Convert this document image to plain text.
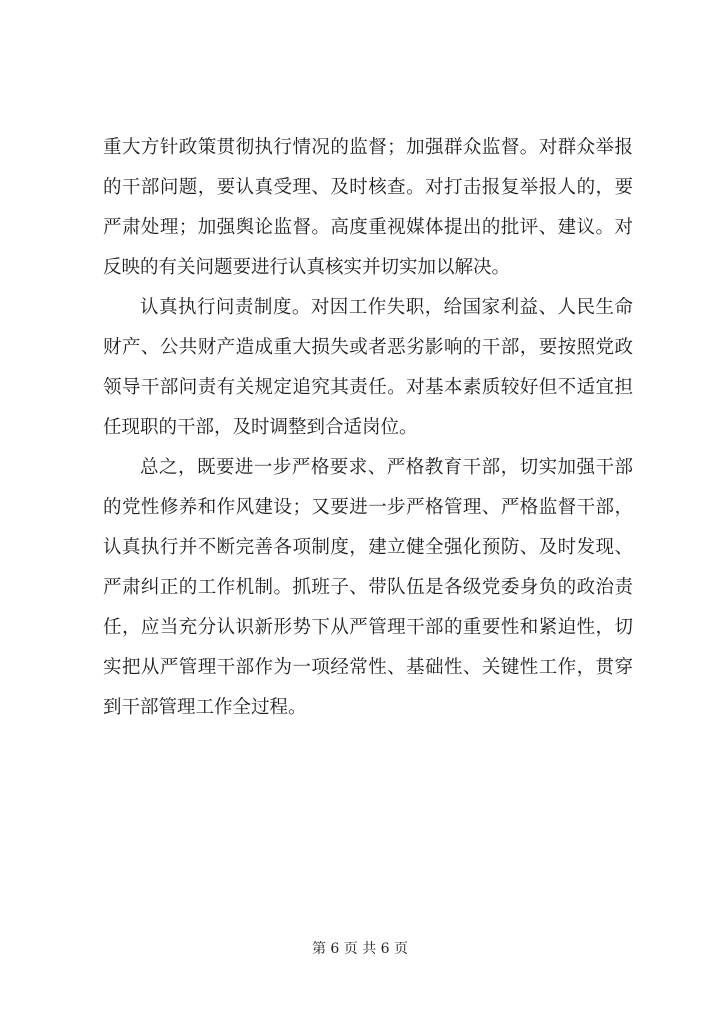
重大方针政策贯彻执行情况的监督；加强群众监督。对群众举报
的干部问题，要认真受理、及时核查。对打击报复举报人的，要
严肃处理；加强舆论监督。高度重视媒体提出的批评、建议。对
反映的有关问题要进行认真核实并切实加以解决。
认真执行问责制度。对因工作失职，给国家利益、人民生命
财产、公共财产造成重大损失或者恶劣影响的干部，要按照党政
领导干部问责有关规定追究其责任。对基本素质较好但不适宜担
任现职的干部，及时调整到合适岗位。
总之，既要进一步严格要求、严格教育干部，切实加强干部
的党性修养和作风建设；又要进一步严格管理、严格监督干部，
认真执行并不断完善各项制度，建立健全强化预防、及时发现、
严肃纠正的工作机制。抓班子、带队伍是各级党委身负的政治责
任，应当充分认识新形势下从严管理干部的重要性和紧迫性，切
实把从严管理干部作为一项经常性、基础性、关键性工作，贯穿
到干部管理工作全过程。
第 6 页 共 6 页
